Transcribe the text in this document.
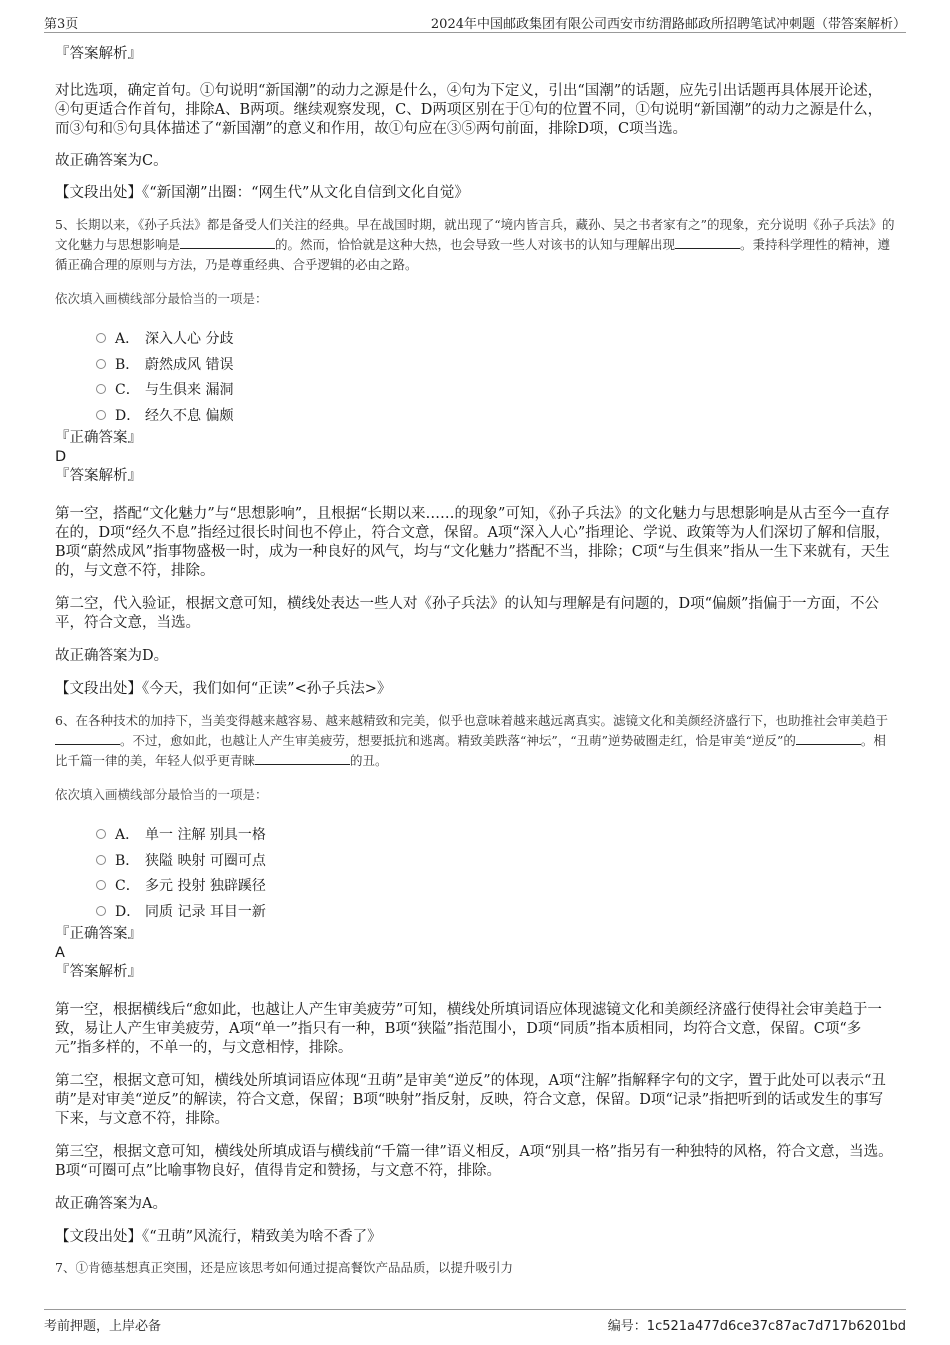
第3页	2024年中国邮政集团有限公司西安市纺渭路邮政所招聘笔试冲刺题（带答案解析）

『答案解析』

对比选项，确定首句。①句说明“新国潮”的动力之源是什么，④句为下定义，引出“国潮”的话题，应先引出话题再具体展开论述，④句更适合作首句，排除A、B两项。继续观察发现，C、D两项区别在于①句的位置不同，①句说明“新国潮”的动力之源是什么，而③句和⑤句具体描述了“新国潮”的意义和作用，故①句应在③⑤两句前面，排除D项，C项当选。

故正确答案为C。

【文段出处】《“新国潮”出圈：“网生代”从文化自信到文化自觉》

5、长期以来，《孙子兵法》都是备受人们关注的经典。早在战国时期，就出现了“境内皆言兵，藏孙、吴之书者家有之”的现象，充分说明《孙子兵法》的文化魅力与思想影响是	的。然而，恰恰就是这种大热，也会导致一些人对该书的认知与理解出现	。秉持科学理性的精神，遵循正确合理的原则与方法，乃是尊重经典、合乎逻辑的必由之路。

依次填入画横线部分最恰当的一项是：

A． 深入人心 分歧
B． 蔚然成风 错误
C． 与生俱来 漏洞
D． 经久不息 偏颇

『正确答案』

D

『答案解析』

第一空，搭配“文化魅力”与“思想影响”，且根据“长期以来……的现象”可知，《孙子兵法》的文化魅力与思想影响是从古至今一直存在的，D项“经久不息”指经过很长时间也不停止，符合文意，保留。A项“深入人心”指理论、学说、政策等为人们深切了解和信服，B项“蔚然成风”指事物盛极一时，成为一种良好的风气，均与“文化魅力”搭配不当，排除；C项“与生俱来”指从一生下来就有，天生的，与文意不符，排除。

第二空，代入验证，根据文意可知，横线处表达一些人对《孙子兵法》的认知与理解是有问题的，D项“偏颇”指偏于一方面，不公平，符合文意，当选。

故正确答案为D。

【文段出处】《今天，我们如何“正读”<孙子兵法>》

6、在各种技术的加持下，当美变得越来越容易、越来越精致和完美，似乎也意味着越来越远离真实。滤镜文化和美颜经济盛行下，也助推社会审美趋于。不过，愈如此，也越让人产生审美疲劳，想要抵抗和逃离。精致美跌落“神坛”，“丑萌”逆势破圈走红，恰是审美“逆反”的	。相比千篇一律的美，年轻人似乎更青睐	的丑。

依次填入画横线部分最恰当的一项是：

A． 单一 注解 别具一格
B． 狭隘 映射 可圈可点
C． 多元 投射 独辟蹊径
D． 同质 记录 耳目一新

『正确答案』

A

『答案解析』

第一空，根据横线后“愈如此，也越让人产生审美疲劳”可知，横线处所填词语应体现滤镜文化和美颜经济盛行使得社会审美趋于一致，易让人产生审美疲劳，A项“单一”指只有一种，B项“狭隘”指范围小，D项“同质”指本质相同，均符合文意，保留。C项“多元”指多样的，不单一的，与文意相悖，排除。

第二空，根据文意可知，横线处所填词语应体现“丑萌”是审美“逆反”的体现，A项“注解”指解释字句的文字，置于此处可以表示“丑萌”是对审美“逆反”的解读，符合文意，保留；B项“映射”指反射，反映，符合文意，保留。D项“记录”指把听到的话或发生的事写下来，与文意不符，排除。

第三空，根据文意可知，横线处所填成语与横线前“千篇一律”语义相反，A项“别具一格”指另有一种独特的风格，符合文意，当选。B项“可圈可点”比喻事物良好，值得肯定和赞扬，与文意不符，排除。

故正确答案为A。

【文段出处】《“丑萌”风流行，精致美为啥不香了》

7、①肯德基想真正突围，还是应该思考如何通过提高餐饮产品品质，以提升吸引力

考前押题，上岸必备	编号：1c521a477d6ce37c87ac7d717b6201bd
